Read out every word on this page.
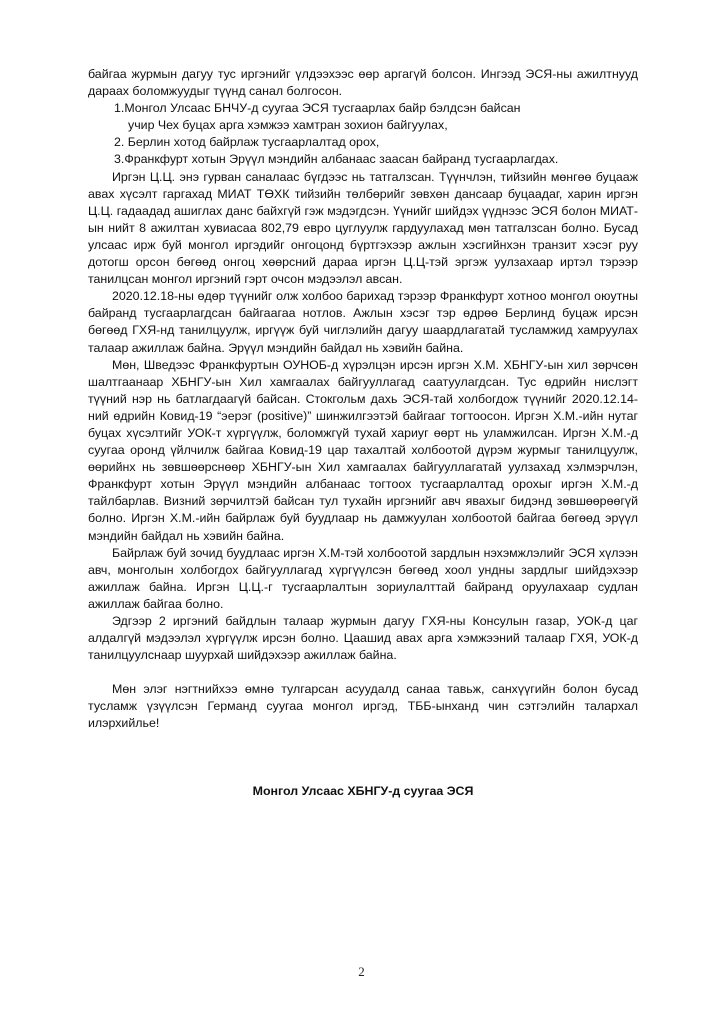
байгаа журмын дагуу тус иргэнийг үлдээхээс өөр аргагүй болсон. Ингээд ЭСЯ-ны ажилтнууд дараах боломжуудыг түүнд санал болгосон.

1.Монгол Улсаас БНЧУ-д суугаа ЭСЯ тусгаарлах байр бэлдсэн байсан

учир Чех буцах арга хэмжээ хамтран зохион байгуулах,

2. Берлин хотод байрлаж тусгаарлалтад орох,

3.Франкфурт хотын Эрүүл мэндийн албанаас заасан байранд тусгаарлагдах.

Иргэн Ц.Ц. энэ гурван саналаас бүгдээс нь татгалзсан. Түүнчлэн, тийзийн мөнгөө буцааж авах хүсэлт гаргахад МИАТ ТӨХК тийзийн төлбөрийг зөвхөн дансаар буцаадаг, харин иргэн Ц.Ц. гадаадад ашиглах данс байхгүй гэж мэдэгдсэн. Үүнийг шийдэх үүднээс ЭСЯ болон МИАТ-ын нийт 8 ажилтан хувиасаа 802,79 евро цуглуулж гардуулахад мөн татгалзсан болно. Бусад улсаас ирж буй монгол иргэдийг онгоцонд бүртгэхээр ажлын хэсгийнхэн транзит хэсэг руу дотогш орсон бөгөөд онгоц хөөрсний дараа иргэн Ц.Ц-тэй эргэж уулзахаар иртэл тэрээр танилцсан монгол иргэний гэрт очсон мэдээлэл авсан.

2020.12.18-ны өдөр түүнийг олж холбоо барихад тэрээр Франкфурт хотноо монгол оюутны байранд тусгаарлагдсан байгаагаа нотлов. Ажлын хэсэг тэр өдрөө Берлинд буцаж ирсэн бөгөөд ГХЯ-нд танилцуулж, иргүүж буй чиглэлийн дагуу шаардлагатай тусламжид хамруулах талаар ажиллаж байна. Эрүүл мэндийн байдал нь хэвийн байна.

Мөн, Шведээс Франкфуртын ОУНОБ-д хүрэлцэн ирсэн иргэн Х.М. ХБНГУ-ын хил зөрчсөн шалтгаанаар ХБНГУ-ын Хил хамгаалах байгууллагад саатуулагдсан. Тус өдрийн нислэгт түүний нэр нь батлагдаагүй байсан. Стокгольм дахь ЭСЯ-тай холбогдож түүнийг 2020.12.14-ний өдрийн Ковид-19 “эерэг (positive)” шинжилгээтэй байгааг тогтоосон. Иргэн Х.М.-ийн нутаг буцах хүсэлтийг УОК-т хүргүүлж, боломжгүй тухай хариуг өөрт нь уламжилсан. Иргэн Х.М.-д суугаа оронд үйлчилж байгаа Ковид-19 цар тахалтай холбоотой дүрэм журмыг танилцуулж, өөрийнх нь зөвшөөрснөөр ХБНГУ-ын Хил хамгаалах байгууллагатай уулзахад хэлмэрчлэн, Франкфурт хотын Эрүүл мэндийн албанаас тогтоох тусгаарлалтад орохыг иргэн Х.М.-д тайлбарлав. Визний зөрчилтэй байсан тул тухайн иргэнийг авч явахыг бидэнд зөвшөөрөөгүй болно. Иргэн Х.М.-ийн байрлаж буй буудлаар нь дамжуулан холбоотой байгаа бөгөөд эрүүл мэндийн байдал нь хэвийн байна.

Байрлаж буй зочид буудлаас иргэн Х.М-тэй холбоотой зардлын нэхэмжлэлийг ЭСЯ хүлээн авч, монголын холбогдох байгууллагад хүргүүлсэн бөгөөд хоол ундны зардлыг шийдэхээр ажиллаж байна. Иргэн Ц.Ц.-г тусгаарлалтын зориулалттай байранд оруулахаар судлан ажиллаж байгаа болно.

Эдгээр 2 иргэний байдлын талаар журмын дагуу ГХЯ-ны Консулын газар, УОК-д цаг алдалгүй мэдээлэл хүргүүлж ирсэн болно. Цаашид авах арга хэмжээний талаар ГХЯ, УОК-д танилцуулснаар шуурхай шийдэхээр ажиллаж байна.

Мөн элэг нэгтнийхээ өмнө тулгарсан асуудалд санаа тавьж, санхүүгийн болон бусад тусламж үзүүлсэн Германд суугаа монгол иргэд, ТББ-ынханд чин сэтгэлийн талархал илэрхийлье!

Монгол Улсаас ХБНГУ-д суугаа ЭСЯ

2
